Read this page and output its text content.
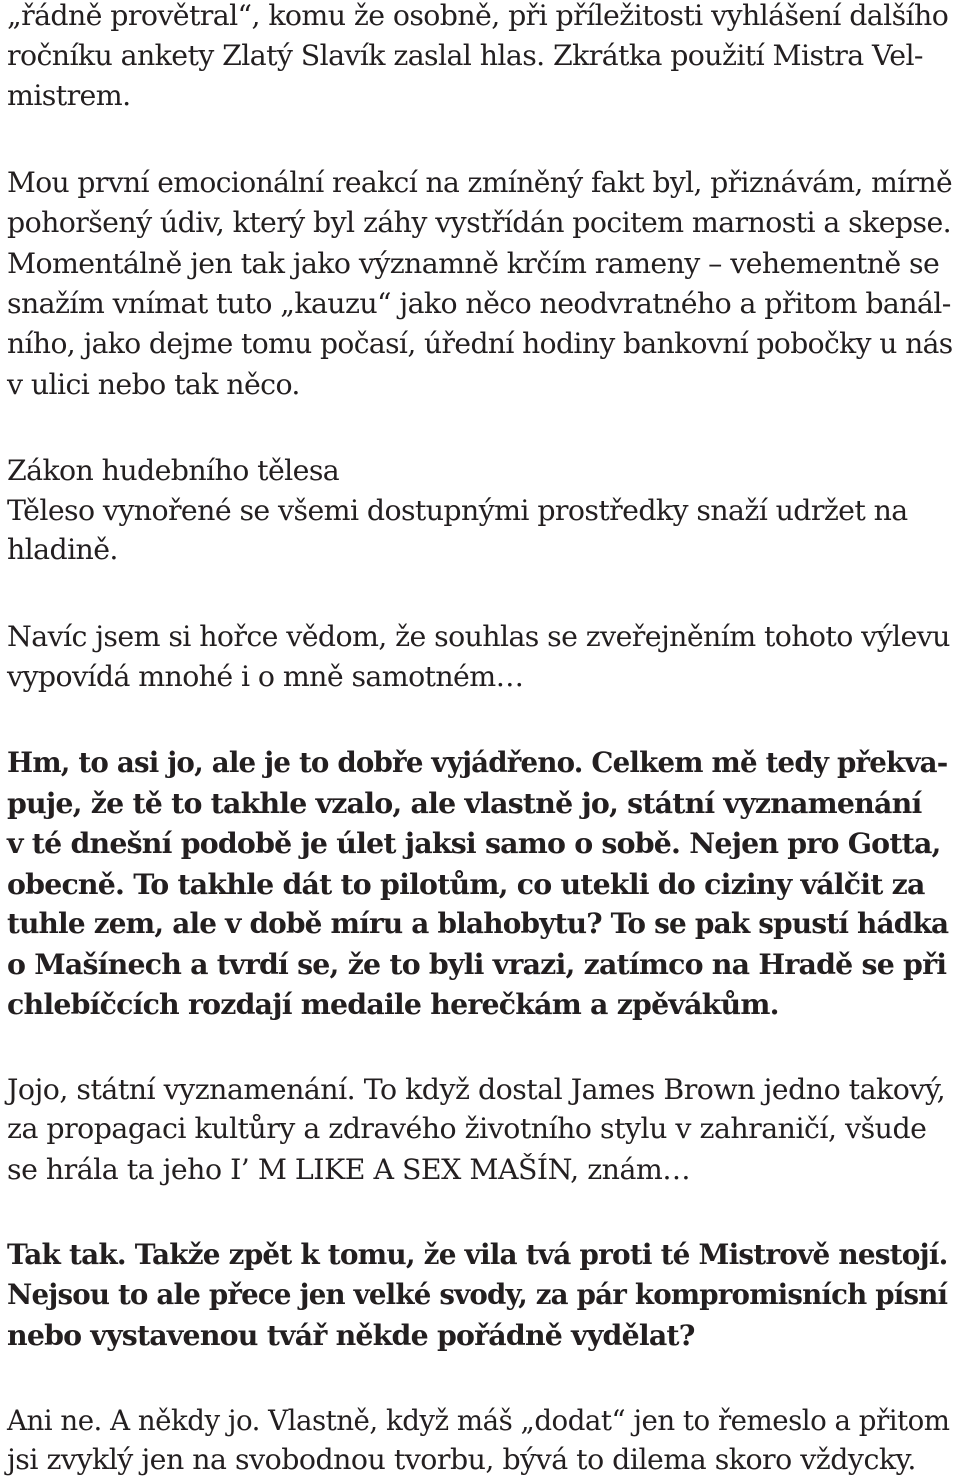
„řádně provětral“, komu že osobně, při příležitosti vyhlášení dalšího
ročníku ankety Zlatý Slavík zaslal hlas. Zkrátka použití Mistra Vel-
mistrem.
Mou první emocionální reakcí na zmíněný fakt byl, přiznávám, mírně
pohoršený údiv, který byl záhy vystřídán pocitem marnosti a skepse.
Momentálně jen tak jako významně krčím rameny – vehementně se
snažím vnímat tuto „kauzu“ jako něco neodvratného a přitom banál-
ního, jako dejme tomu počasí, úřední hodiny bankovní pobočky u nás
v ulici nebo tak něco.
Zákon hudebního tělesa
Těleso vynořené se všemi dostupnými prostředky snaží udržet na
hladině.
Navíc jsem si hořce vědom, že souhlas se zveřejněním tohoto výlevu
vypovídá mnohé i o mně samotném…
Hm, to asi jo, ale je to dobře vyjádřeno. Celkem mě tedy překva-
puje, že tě to takhle vzalo, ale vlastně jo, státní vyznamenání
v té dnešní podobě je úlet jaksi samo o sobě. Nejen pro Gotta,
obecně. To takhle dát to pilotům, co utekli do ciziny válčit za
tuhle zem, ale v době míru a blahobytu? To se pak spustí hádka
o Mašínech a tvrdí se, že to byli vrazi, zatímco na Hradě se při
chlebíčcích rozdají medaile herečkám a zpěvákům.
Jojo, státní vyznamenání. To když dostal James Brown jedno takový,
za propagaci kultůry a zdravého životního stylu v zahraničí, všude
se hrála ta jeho I’ M LIKE A SEX MAŠÍN, znám…
Tak tak. Takže zpět k tomu, že vila tvá proti té Mistrově nestojí.
Nejsou to ale přece jen velké svody, za pár kompromisních písní
nebo vystavenou tvář někde pořádně vydělat?
Ani ne. A někdy jo. Vlastně, když máš „dodat“ jen to řemeslo a přitom
jsi zvyklý jen na svobodnou tvorbu, bývá to dilema skoro vždycky.
